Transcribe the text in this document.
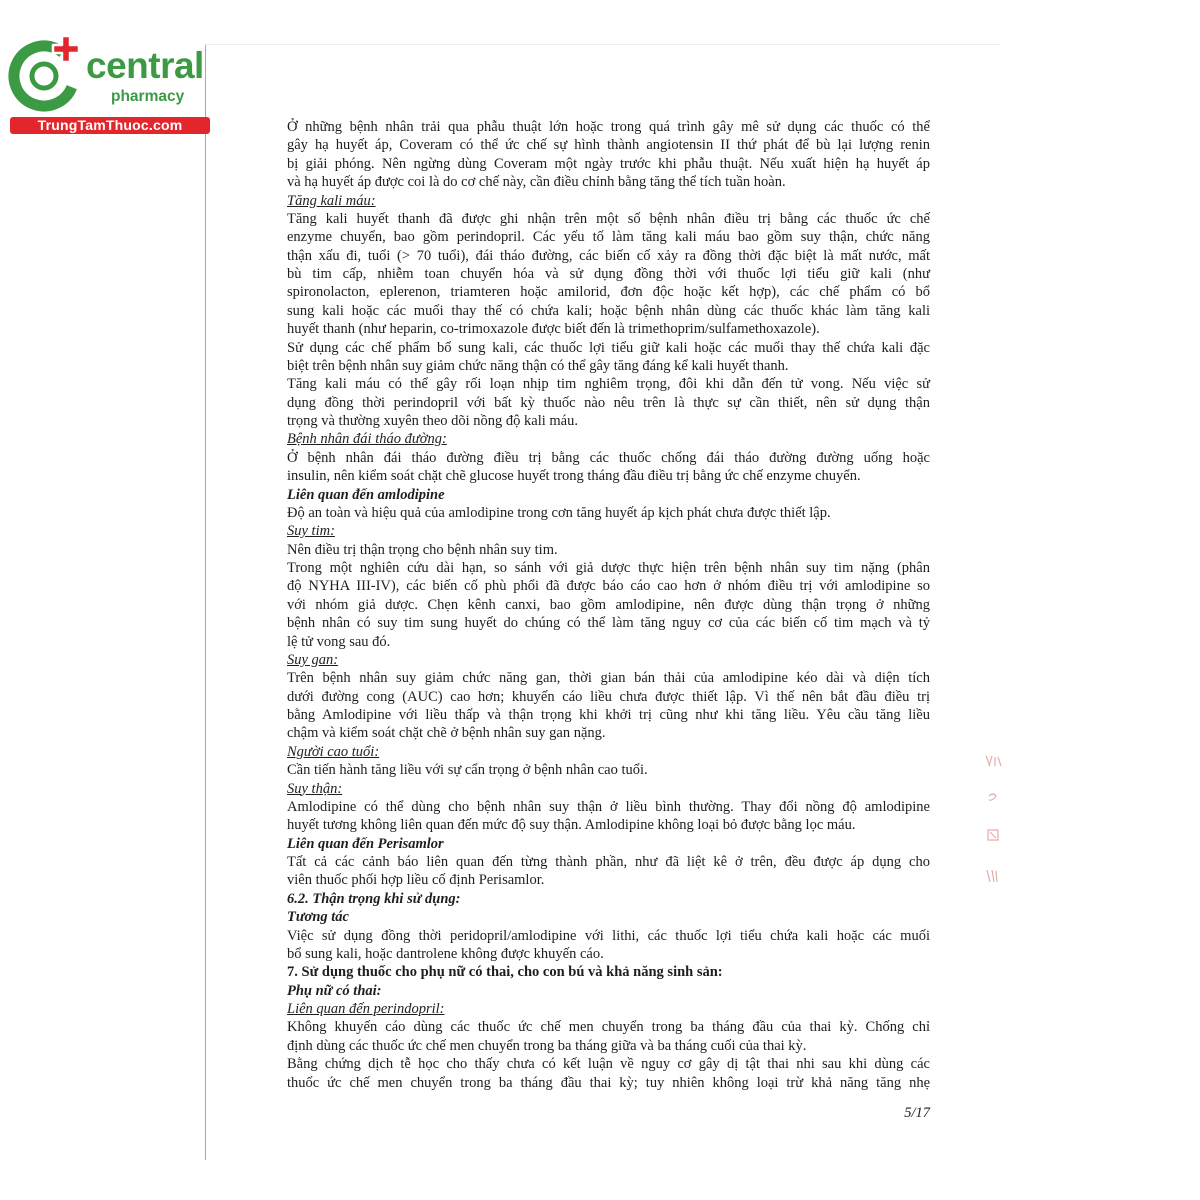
central
pharmacy
TrungTamThuoc.com	Ở những bệnh nhân trải qua phẫu thuật lớn hoặc trong quá trình gây mê sử dụng các thuốc có thể
gây hạ huyết áp, Coveram có thể ức chế sự hình thành angiotensin II thứ phát để bù lại lượng renin
bị giải phóng. Nên ngừng dùng Coveram một ngày trước khi phẫu thuật. Nếu xuất hiện hạ huyết áp
và hạ huyết áp được coi là do cơ chế này, cần điều chỉnh bằng tăng thể tích tuần hoàn.
Tăng kali máu:
Tăng kali huyết thanh đã được ghi nhận trên một số bệnh nhân điều trị bằng các thuốc ức chế
enzyme chuyển, bao gồm perindopril. Các yếu tố làm tăng kali máu bao gồm suy thận, chức năng
thận xấu đi, tuổi (> 70 tuổi), đái tháo đường, các biến cố xảy ra đồng thời đặc biệt là mất nước, mất
bù tim cấp, nhiễm toan chuyển hóa và sử dụng đồng thời với thuốc lợi tiểu giữ kali (như
spironolacton, eplerenon, triamteren hoặc amilorid, đơn độc hoặc kết hợp), các chế phẩm có bổ
sung kali hoặc các muối thay thế có chứa kali; hoặc bệnh nhân dùng các thuốc khác làm tăng kali
huyết thanh (như heparin, co-trimoxazole được biết đến là trimethoprim/sulfamethoxazole).
Sử dụng các chế phẩm bổ sung kali, các thuốc lợi tiểu giữ kali hoặc các muối thay thế chứa kali đặc
biệt trên bệnh nhân suy giảm chức năng thận có thể gây tăng đáng kể kali huyết thanh.
Tăng kali máu có thể gây rối loạn nhịp tim nghiêm trọng, đôi khi dẫn đến tử vong. Nếu việc sử
dụng đồng thời perindopril với bất kỳ thuốc nào nêu trên là thực sự cần thiết, nên sử dụng thận
trọng và thường xuyên theo dõi nồng độ kali máu.
Bệnh nhân đái tháo đường:
Ở bệnh nhân đái tháo đường điều trị bằng các thuốc chống đái tháo đường đường uống hoặc
insulin, nên kiểm soát chặt chẽ glucose huyết trong tháng đầu điều trị bằng ức chế enzyme chuyển.
Liên quan đến amlodipine
Độ an toàn và hiệu quả của amlodipine trong cơn tăng huyết áp kịch phát chưa được thiết lập.
Suy tim:
Nên điều trị thận trọng cho bệnh nhân suy tim.
Trong một nghiên cứu dài hạn, so sánh với giả dược thực hiện trên bệnh nhân suy tim nặng (phân
độ NYHA III-IV), các biến cố phù phổi đã được báo cáo cao hơn ở nhóm điều trị với amlodipine so
với nhóm giả dược. Chẹn kênh canxi, bao gồm amlodipine, nên được dùng thận trọng ở những
bệnh nhân có suy tim sung huyết do chúng có thể làm tăng nguy cơ của các biến cố tim mạch và tỷ
lệ tử vong sau đó.
Suy gan:
Trên bệnh nhân suy giảm chức năng gan, thời gian bán thải của amlodipine kéo dài và diện tích
dưới đường cong (AUC) cao hơn; khuyến cáo liều chưa được thiết lập. Vì thế nên bắt đầu điều trị
bằng Amlodipine với liều thấp và thận trọng khi khởi trị cũng như khi tăng liều. Yêu cầu tăng liều
chậm và kiểm soát chặt chẽ ở bệnh nhân suy gan nặng.
Người cao tuổi:
Cần tiến hành tăng liều với sự cẩn trọng ở bệnh nhân cao tuổi.
Suy thận:
Amlodipine có thể dùng cho bệnh nhân suy thận ở liều bình thường. Thay đổi nồng độ amlodipine
huyết tương không liên quan đến mức độ suy thận. Amlodipine không loại bỏ được bằng lọc máu.
Liên quan đến Perisamlor
Tất cả các cảnh báo liên quan đến từng thành phần, như đã liệt kê ở trên, đều được áp dụng cho
viên thuốc phối hợp liều cố định Perisamlor.
6.2. Thận trọng khi sử dụng:
Tương tác
Việc sử dụng đồng thời peridopril/amlodipine với lithi, các thuốc lợi tiểu chứa kali hoặc các muối
bổ sung kali, hoặc dantrolene không được khuyến cáo.
7. Sử dụng thuốc cho phụ nữ có thai, cho con bú và khả năng sinh sản:
Phụ nữ có thai:
Liên quan đến perindopril:
Không khuyến cáo dùng các thuốc ức chế men chuyển trong ba tháng đầu của thai kỳ. Chống chỉ
định dùng các thuốc ức chế men chuyển trong ba tháng giữa và ba tháng cuối của thai kỳ.
Bằng chứng dịch tễ học cho thấy chưa có kết luận về nguy cơ gây dị tật thai nhi sau khi dùng các
thuốc ức chế men chuyển trong ba tháng đầu thai kỳ; tuy nhiên không loại trừ khả năng tăng nhẹ
5/17
